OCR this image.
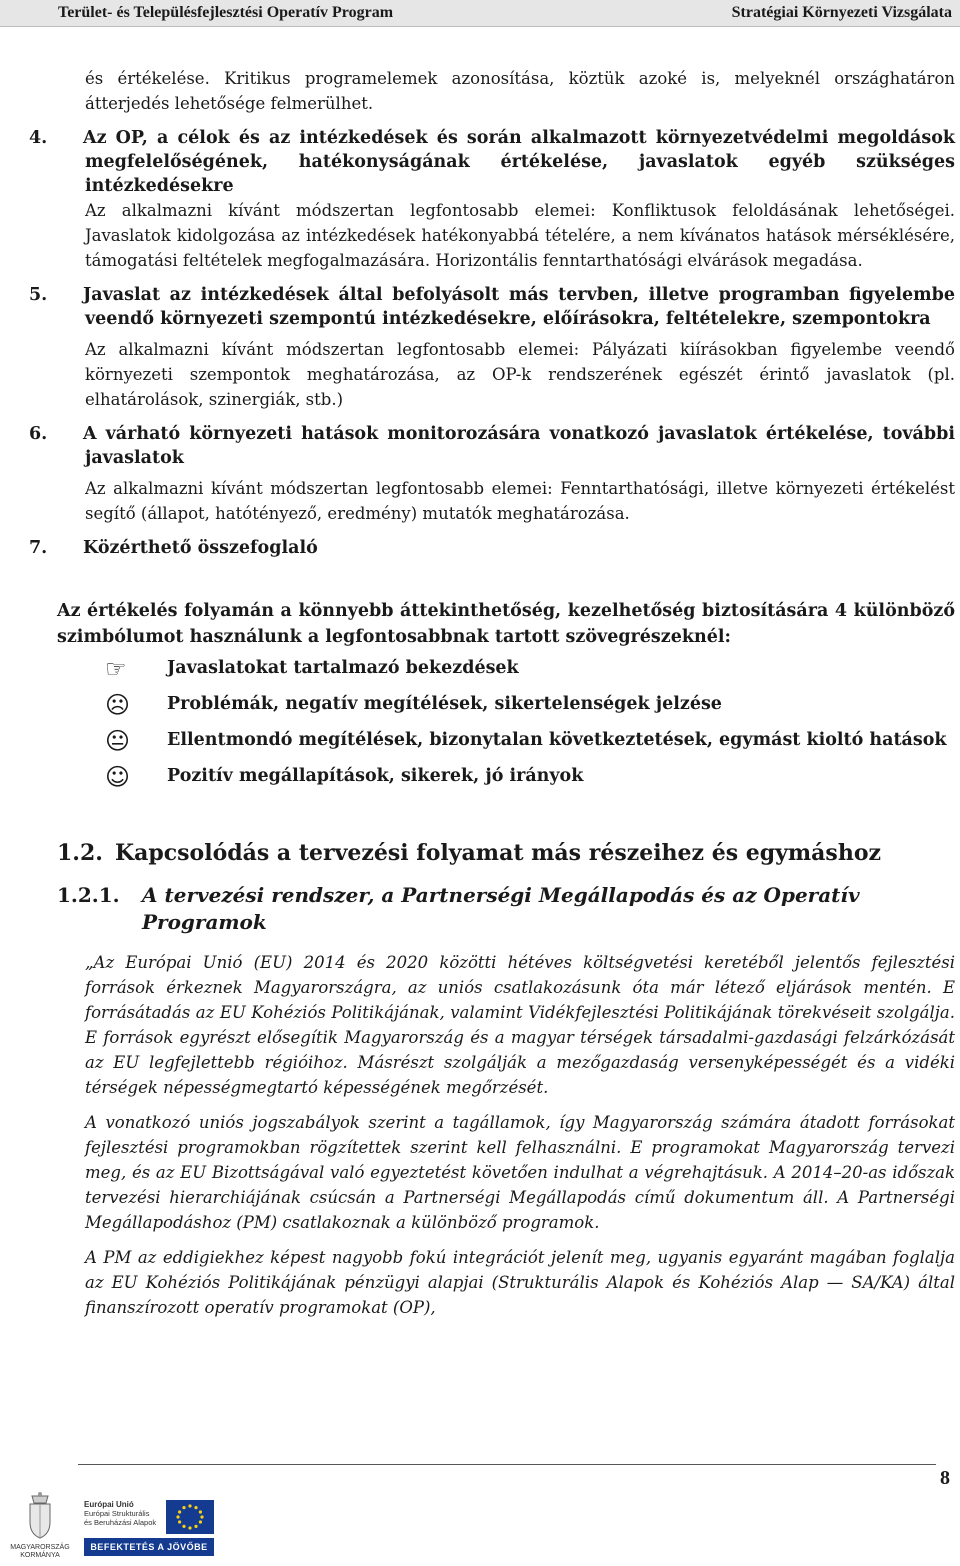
Terület- és Településfejlesztési Operatív Program	Stratégiai Környezeti Vizsgálata

és értékelése. Kritikus programelemek azonosítása, köztük azoké is, melyeknél országhatáron átterjedés lehetősége felmerülhet.

4. Az OP, a célok és az intézkedések és során alkalmazott környezetvédelmi megoldások megfelelőségének, hatékonyságának értékelése, javaslatok egyéb szükséges intézkedésekre

Az alkalmazni kívánt módszertan legfontosabb elemei: Konfliktusok feloldásának lehetőségei. Javaslatok kidolgozása az intézkedések hatékonyabbá tételére, a nem kívánatos hatások mérséklésére, támogatási feltételek megfogalmazására. Horizontális fenntarthatósági elvárások megadása.

5. Javaslat az intézkedések által befolyásolt más tervben, illetve programban figyelembe veendő környezeti szempontú intézkedésekre, előírásokra, feltételekre, szempontokra

Az alkalmazni kívánt módszertan legfontosabb elemei: Pályázati kiírásokban figyelembe veendő környezeti szempontok meghatározása, az OP-k rendszerének egészét érintő javaslatok (pl. elhatárolások, szinergiák, stb.)

6. A várható környezeti hatások monitorozására vonatkozó javaslatok értékelése, további javaslatok

Az alkalmazni kívánt módszertan legfontosabb elemei: Fenntarthatósági, illetve környezeti értékelést segítő (állapot, hatótényező, eredmény) mutatók meghatározása.

7. Közérthető összefoglaló

Az értékelés folyamán a könnyebb áttekinthetőség, kezelhetőség biztosítására 4 különböző szimbólumot használunk a legfontosabbnak tartott szövegrészeknél:

☞	Javaslatokat tartalmazó bekezdések
☹	Problémák, negatív megítélések, sikertelenségek jelzése
😐	Ellentmondó megítélések, bizonytalan következtetések, egymást kioltó hatások
☺	Pozitív megállapítások, sikerek, jó irányok

1.2. Kapcsolódás a tervezési folyamat más részeihez és egymáshoz

1.2.1. A tervezési rendszer, a Partnerségi Megállapodás és az Operatív Programok

„Az Európai Unió (EU) 2014 és 2020 közötti hétéves költségvetési keretéből jelentős fejlesztési források érkeznek Magyarországra, az uniós csatlakozásunk óta már létező eljárások mentén. E forrásátadás az EU Kohéziós Politikájának, valamint Vidékfejlesztési Politikájának törekvéseit szolgálja. E források egyrészt elősegítik Magyarország és a magyar térségek társadalmi-gazdasági felzárkózását az EU legfejlettebb régióihoz. Másrészt szolgálják a mezőgazdaság versenyképességét és a vidéki térségek népességmegtartó képességének megőrzését.

A vonatkozó uniós jogszabályok szerint a tagállamok, így Magyarország számára átadott forrásokat fejlesztési programokban rögzítettek szerint kell felhasználni. E programokat Magyarország tervezi meg, és az EU Bizottságával való egyeztetést követően indulhat a végrehajtásuk. A 2014–20-as időszak tervezési hierarchiájának csúcsán a Partnerségi Megállapodás című dokumentum áll. A Partnerségi Megállapodáshoz (PM) csatlakoznak a különböző programok.

A PM az eddigiekhez képest nagyobb fokú integrációt jelenít meg, ugyanis egyaránt magában foglalja az EU Kohéziós Politikájának pénzügyi alapjai (Strukturális Alapok és Kohéziós Alap — SA/KA) által finanszírozott operatív programokat (OP),

8
MAGYARORSZÁG KORMÁNYA
Európai Unió
Európai Strukturális
és Beruházási Alapok
BEFEKTETÉS A JÖVŐBE
